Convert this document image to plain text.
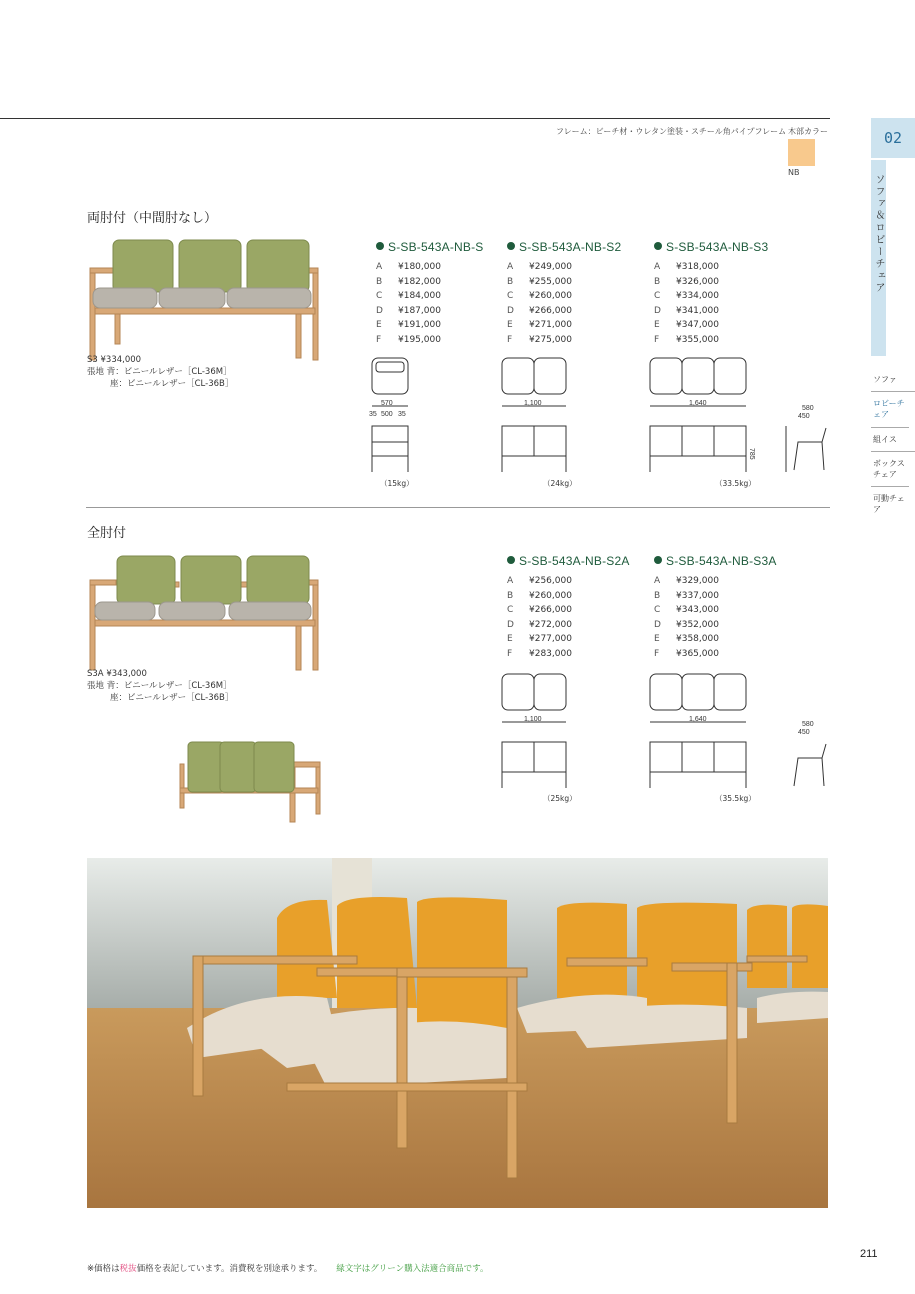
フレーム：ビーチ材・ウレタン塗装・スチール角パイプフレーム 木部カラー
NB
02
ソファ＆ロビーチェア
ソファ
ロビーチェア
組イス
ボックスチェア
可動チェア
両肘付（中間肘なし）
S3 ¥334,000
張地 背：ビニールレザー［CL-36M］
座：ビニールレザー［CL-36B］
S-SB-543A-NB-S
A ¥180,000
B ¥182,000
C ¥184,000
D ¥187,000
E ¥191,000
F ¥195,000
S-SB-543A-NB-S2
A ¥249,000
B ¥255,000
C ¥260,000
D ¥266,000
E ¥271,000
F ¥275,000
S-SB-543A-NB-S3
A ¥318,000
B ¥326,000
C ¥334,000
D ¥341,000
E ¥347,000
F ¥355,000
570
35 500 35
1,100	1,640
580
450
785
（15kg）	（24kg）	（33.5kg）
全肘付
S3A ¥343,000
張地 背：ビニールレザー［CL-36M］
座：ビニールレザー［CL-36B］
S-SB-543A-NB-S2A
A ¥256,000
B ¥260,000
C ¥266,000
D ¥272,000
E ¥277,000
F ¥283,000
S-SB-543A-NB-S3A
A ¥329,000
B ¥337,000
C ¥343,000
D ¥352,000
E ¥358,000
F ¥365,000
1,100	1,640
580
450
（25kg）	（35.5kg）
※価格は税抜価格を表記しています。消費税を別途承ります。 緑文字はグリーン購入法適合商品です。
211
